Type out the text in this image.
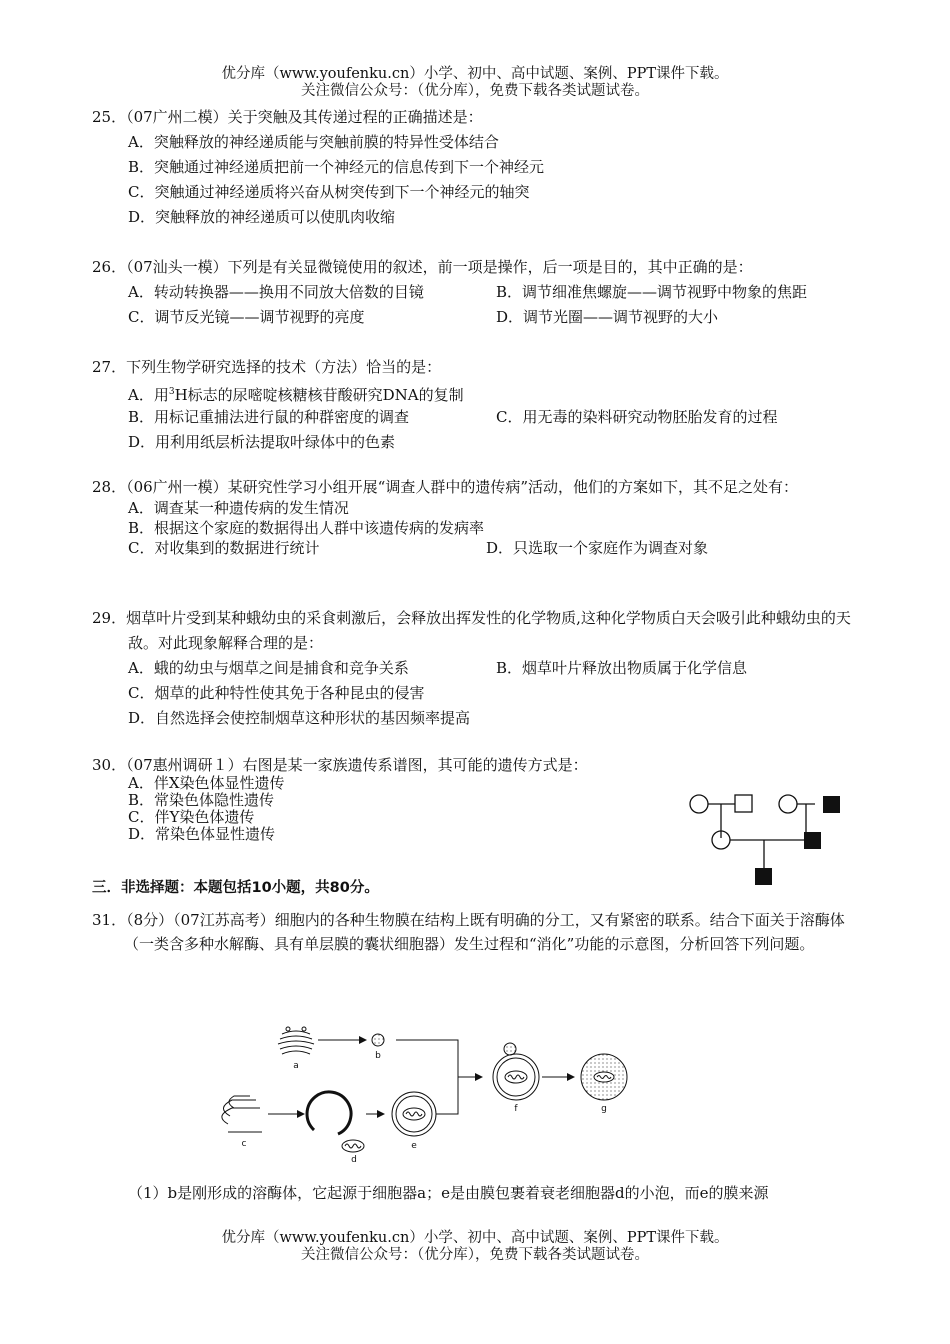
优分库（www.youfenku.cn）小学、初中、高中试题、案例、PPT课件下载。
关注微信公众号：（优分库），免费下载各类试题试卷。
25．（07广州二模）关于突触及其传递过程的正确描述是：
A．突触释放的神经递质能与突触前膜的特异性受体结合
B．突触通过神经递质把前一个神经元的信息传到下一个神经元
C．突触通过神经递质将兴奋从树突传到下一个神经元的轴突
D．突触释放的神经递质可以使肌肉收缩
26．（07汕头一模）下列是有关显微镜使用的叙述，前一项是操作，后一项是目的，其中正确的是：
A．转动转换器——换用不同放大倍数的目镜	B．调节细准焦螺旋——调节视野中物象的焦距
C．调节反光镜——调节视野的亮度	D．调节光圈——调节视野的大小
27．下列生物学研究选择的技术（方法）恰当的是：
A．用$^3$H标志的尿嘧啶核糖核苷酸研究DNA的复制
B．用标记重捕法进行鼠的种群密度的调查	C．用无毒的染料研究动物胚胎发育的过程
D．用利用纸层析法提取叶绿体中的色素
28．（06广州一模）某研究性学习小组开展“调查人群中的遗传病”活动，他们的方案如下，其不足之处有：
A．调查某一种遗传病的发生情况
B．根据这个家庭的数据得出人群中该遗传病的发病率
C．对收集到的数据进行统计	D．只选取一个家庭作为调查对象
29．烟草叶片受到某种蛾幼虫的采食刺激后，会释放出挥发性的化学物质,这种化学物质白天会吸引此种蛾幼虫的天敌。对此现象解释合理的是：
A．蛾的幼虫与烟草之间是捕食和竞争关系	B．烟草叶片释放出物质属于化学信息
C．烟草的此种特性使其免于各种昆虫的侵害
D．自然选择会使控制烟草这种形状的基因频率提高
30．（07惠州调研１）右图是某一家族遗传系谱图，其可能的遗传方式是：
A．伴X染色体显性遗传
B．常染色体隐性遗传
C．伴Y染色体遗传
D．常染色体显性遗传
三．非选择题：本题包括10小题，共80分。
31．（8分）（07江苏高考）细胞内的各种生物膜在结构上既有明确的分工，又有紧密的联系。结合下面关于溶酶体（一类含多种水解酶、具有单层膜的囊状细胞器）发生过程和“消化”功能的示意图，分析回答下列问题。
a
b
c
d
e
f	g
（1）b是刚形成的溶酶体，它起源于细胞器a；e是由膜包裹着衰老细胞器d的小泡，而e的膜来源
优分库（www.youfenku.cn）小学、初中、高中试题、案例、PPT课件下载。
关注微信公众号：（优分库），免费下载各类试题试卷。
